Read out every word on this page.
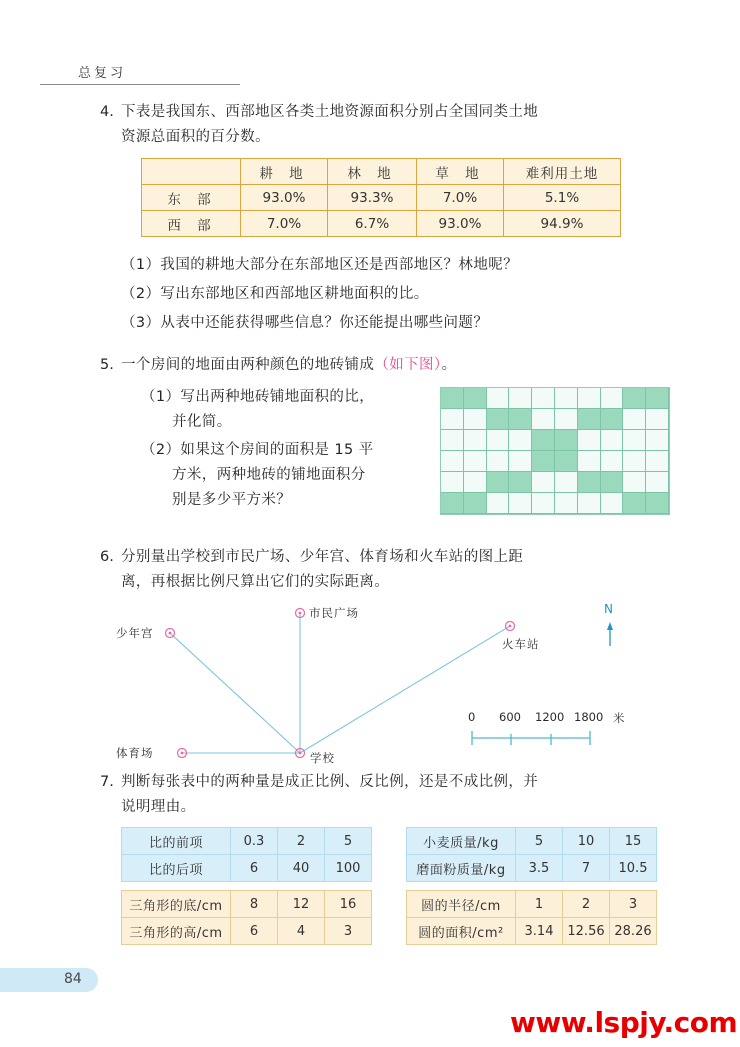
总复习
4. 下表是我国东、西部地区各类土地资源面积分别占全国同类土地
资源总面积的百分数。
	耕 地	林 地	草 地	难利用土地
东 部	93.0%	93.3%	7.0%	5.1%
西 部	7.0%	6.7%	93.0%	94.9%
（1）我国的耕地大部分在东部地区还是西部地区？林地呢？
（2）写出东部地区和西部地区耕地面积的比。
（3）从表中还能获得哪些信息？你还能提出哪些问题？
5. 一个房间的地面由两种颜色的地砖铺成（如下图）。
（1）写出两种地砖铺地面积的比，
并化简。
（2）如果这个房间的面积是 15 平
方米，两种地砖的铺地面积分
别是多少平方米？
6. 分别量出学校到市民广场、少年宫、体育场和火车站的图上距
离，再根据比例尺算出它们的实际距离。
市民广场
少年宫
体育场	学校
火车站
N
0 600 1200 1800 米
7. 判断每张表中的两种量是成正比例、反比例，还是不成比例，并
说明理由。
比的前项	0.3	2	5
比的后项	6	40	100
小麦质量/kg	5	10	15
磨面粉质量/kg	3.5	7	10.5
三角形的底/cm	8	12	16
三角形的高/cm	6	4	3
圆的半径/cm	1	2	3
圆的面积/cm²	3.14	12.56	28.26
84
www.lspjy.com
